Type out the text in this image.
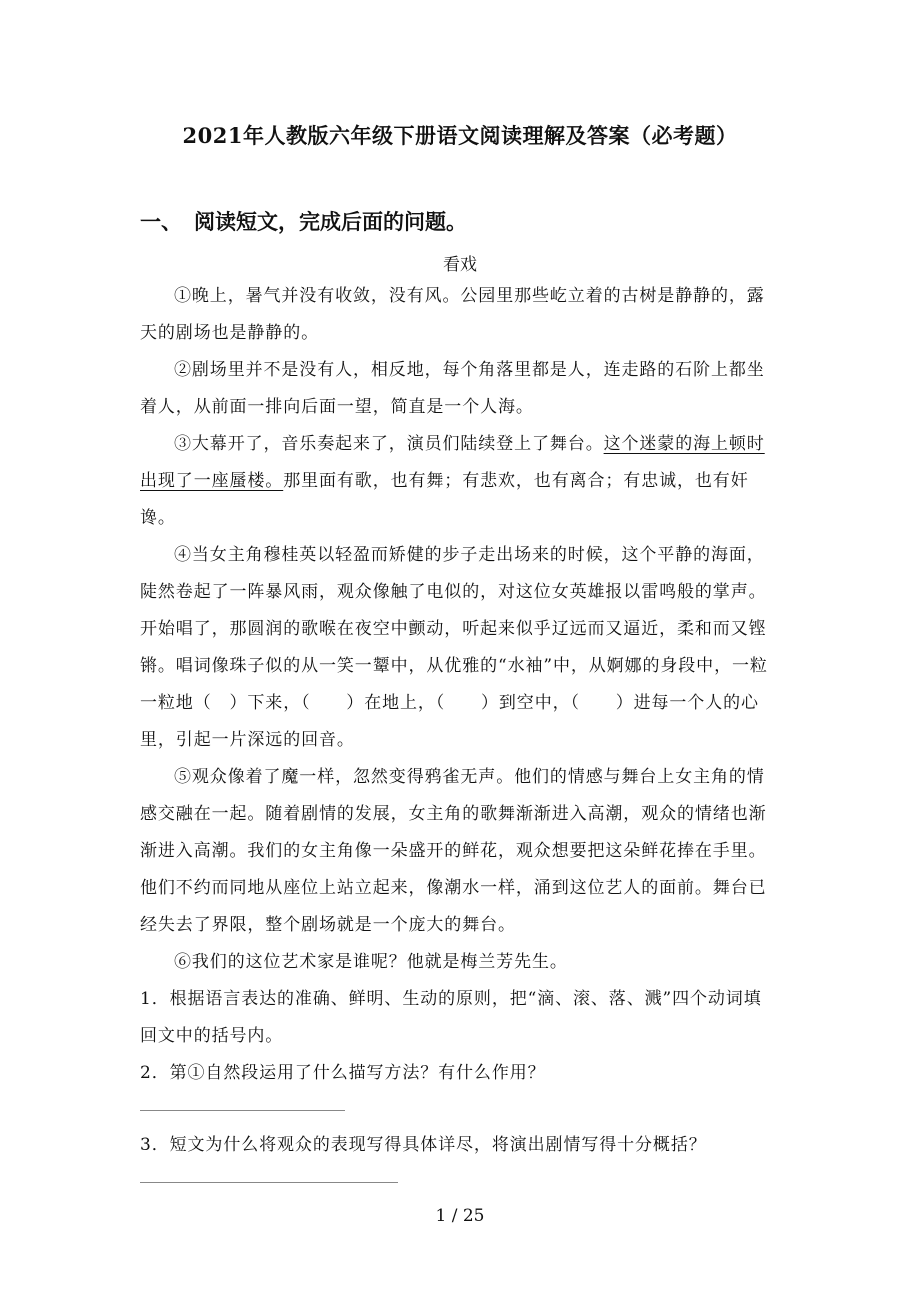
2021年人教版六年级下册语文阅读理解及答案（必考题）
一、 阅读短文，完成后面的问题。
看戏

①晚上，暑气并没有收敛，没有风。公园里那些屹立着的古树是静静的，露天的剧场也是静静的。

②剧场里并不是没有人，相反地，每个角落里都是人，连走路的石阶上都坐着人，从前面一排向后面一望，简直是一个人海。

③大幕开了，音乐奏起来了，演员们陆续登上了舞台。这个迷蒙的海上顿时出现了一座蜃楼。那里面有歌，也有舞；有悲欢，也有离合；有忠诚，也有奸谗。

④当女主角穆桂英以轻盈而矫健的步子走出场来的时候，这个平静的海面，陡然卷起了一阵暴风雨，观众像触了电似的，对这位女英雄报以雷鸣般的掌声。开始唱了，那圆润的歌喉在夜空中颤动，听起来似乎辽远而又逼近，柔和而又铿锵。唱词像珠子似的从一笑一颦中，从优雅的“水袖”中，从婀娜的身段中，一粒一粒地（　）下来，（　　）在地上，（　　）到空中，（　　）进每一个人的心里，引起一片深远的回音。

⑤观众像着了魔一样，忽然变得鸦雀无声。他们的情感与舞台上女主角的情感交融在一起。随着剧情的发展，女主角的歌舞渐渐进入高潮，观众的情绪也渐渐进入高潮。我们的女主角像一朵盛开的鲜花，观众想要把这朵鲜花捧在手里。他们不约而同地从座位上站立起来，像潮水一样，涌到这位艺人的面前。舞台已经失去了界限，整个剧场就是一个庞大的舞台。

⑥我们的这位艺术家是谁呢？他就是梅兰芳先生。

1．根据语言表达的准确、鲜明、生动的原则，把“滴、滚、落、溅”四个动词填回文中的括号内。

2．第①自然段运用了什么描写方法？有什么作用？

3．短文为什么将观众的表现写得具体详尽，将演出剧情写得十分概括？

1 / 25
